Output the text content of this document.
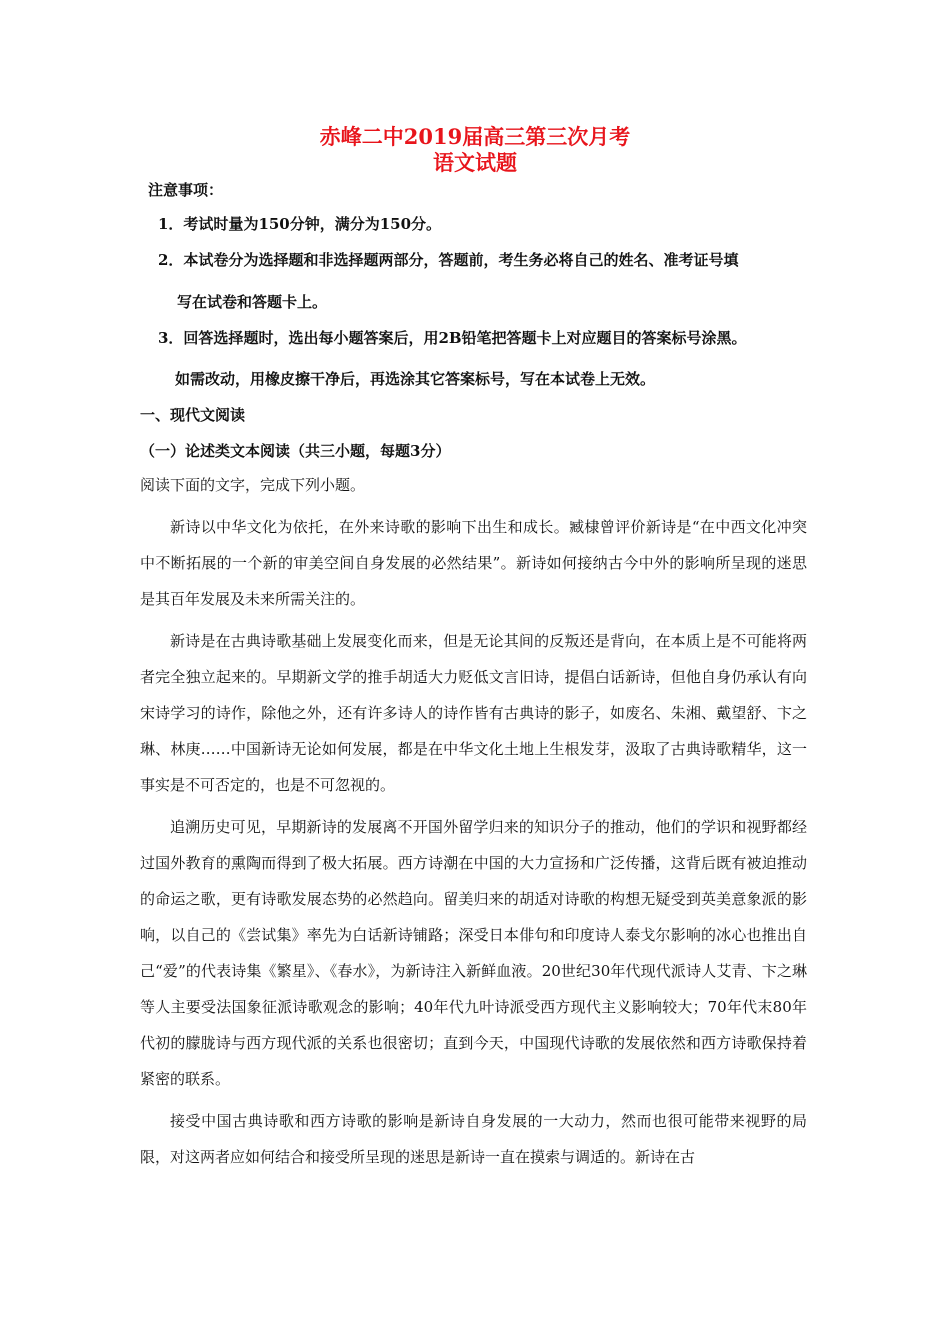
赤峰二中2019届高三第三次月考
语文试题
注意事项：
1．考试时量为150分钟，满分为150分。
2．本试卷分为选择题和非选择题两部分，答题前，考生务必将自己的姓名、准考证号填
写在试卷和答题卡上。
3．回答选择题时，选出每小题答案后，用2B铅笔把答题卡上对应题目的答案标号涂黑。
如需改动，用橡皮擦干净后，再选涂其它答案标号，写在本试卷上无效。
一、现代文阅读
（一）论述类文本阅读（共三小题，每题3分）
阅读下面的文字，完成下列小题。

新诗以中华文化为依托，在外来诗歌的影响下出生和成长。臧棣曾评价新诗是“在中西文化冲突中不断拓展的一个新的审美空间自身发展的必然结果”。新诗如何接纳古今中外的影响所呈现的迷思是其百年发展及未来所需关注的。

新诗是在古典诗歌基础上发展变化而来，但是无论其间的反叛还是背向，在本质上是不可能将两者完全独立起来的。早期新文学的推手胡适大力贬低文言旧诗，提倡白话新诗，但他自身仍承认有向宋诗学习的诗作，除他之外，还有许多诗人的诗作皆有古典诗的影子，如废名、朱湘、戴望舒、卞之琳、林庚……中国新诗无论如何发展，都是在中华文化土地上生根发芽，汲取了古典诗歌精华，这一事实是不可否定的，也是不可忽视的。

追溯历史可见，早期新诗的发展离不开国外留学归来的知识分子的推动，他们的学识和视野都经过国外教育的熏陶而得到了极大拓展。西方诗潮在中国的大力宣扬和广泛传播，这背后既有被迫推动的命运之歌，更有诗歌发展态势的必然趋向。留美归来的胡适对诗歌的构想无疑受到英美意象派的影响，以自己的《尝试集》率先为白话新诗铺路；深受日本俳句和印度诗人泰戈尔影响的冰心也推出自己“爱”的代表诗集《繁星》、《春水》，为新诗注入新鲜血液。20世纪30年代现代派诗人艾青、卞之琳等人主要受法国象征派诗歌观念的影响；40年代九叶诗派受西方现代主义影响较大；70年代末80年代初的朦胧诗与西方现代派的关系也很密切；直到今天，中国现代诗歌的发展依然和西方诗歌保持着紧密的联系。

接受中国古典诗歌和西方诗歌的影响是新诗自身发展的一大动力，然而也很可能带来视野的局限，对这两者应如何结合和接受所呈现的迷思是新诗一直在摸索与调适的。新诗在古
